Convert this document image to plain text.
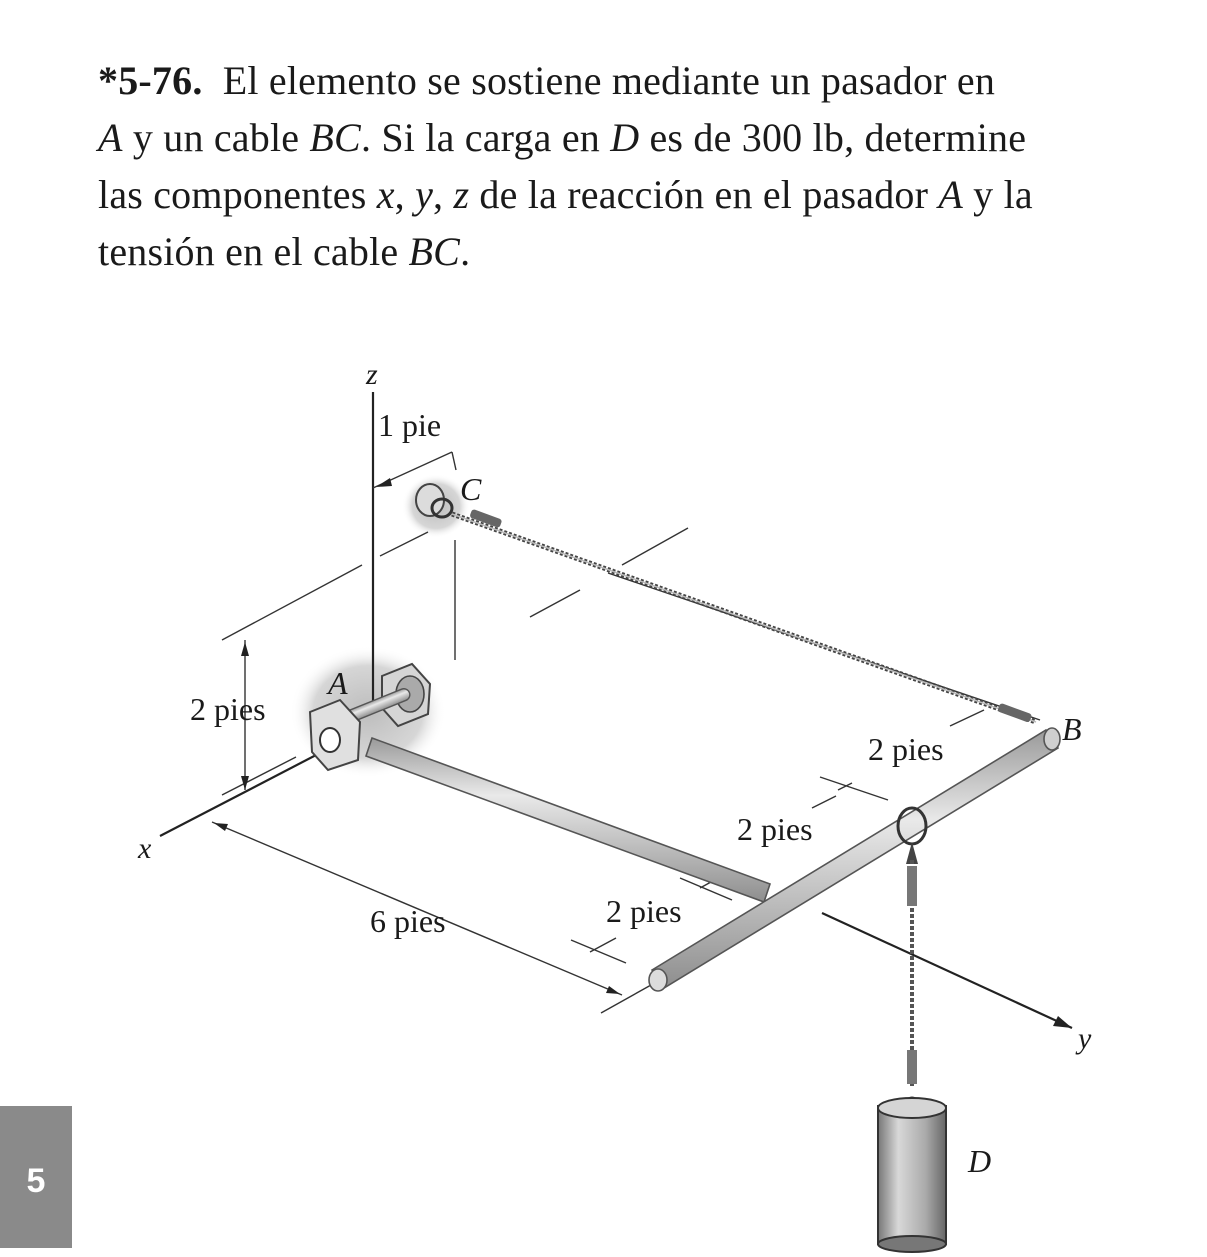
*5-76.  El elemento se sostiene mediante un pasador en
A y un cable BC. Si la carga en D es de 300 lb, determine
las componentes x, y, z de la reacción en el pasador A y la
tensión en el cable BC.
z
x
y
A
B
C
D
1 pie
2 pies
6 pies	2 pies
2 pies
2 pies
5
